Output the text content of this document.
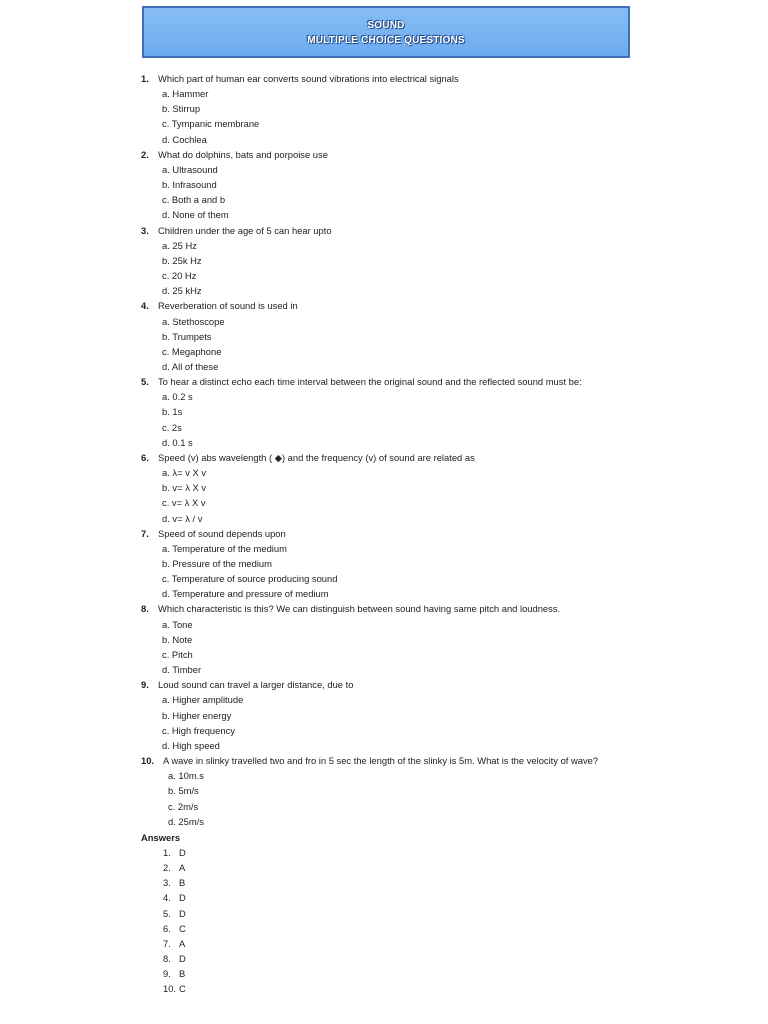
SOUND
MULTIPLE CHOICE QUESTIONS
1. Which part of human ear converts sound vibrations into electrical signals
a. Hammer
b. Stirrup
c. Tympanic membrane
d. Cochlea
2. What do dolphins, bats and porpoise use
a. Ultrasound
b. Infrasound
c. Both a and b
d. None of them
3. Children under the age of 5 can hear upto
a. 25 Hz
b. 25k Hz
c. 20 Hz
d. 25 kHz
4. Reverberation of sound is used in
a. Stethoscope
b. Trumpets
c. Megaphone
d. All of these
5. To hear a distinct echo each time interval between the original sound and the reflected sound must be:
a. 0.2 s
b. 1s
c. 2s
d. 0.1 s
6. Speed (v) abs wavelength ( ◆) and the frequency (v) of sound are related as
a. λ= v X v
b. v= λ X v
c. v= λ X v
d. v= λ / v
7. Speed of sound depends upon
a. Temperature of the medium
b. Pressure of the medium
c. Temperature of source producing sound
d. Temperature and pressure of medium
8. Which characteristic is this? We can distinguish between sound having same pitch and loudness.
a. Tone
b. Note
c. Pitch
d. Timber
9. Loud sound can travel a larger distance, due to
a. Higher amplitude
b. Higher energy
c. High frequency
d. High speed
10. A wave in slinky travelled two and fro in 5 sec the length of the slinky is 5m. What is the velocity of wave?
a. 10m.s
b. 5m/s
c. 2m/s
d. 25m/s
Answers
1. D
2. A
3. B
4. D
5. D
6. C
7. A
8. D
9. B
10. C
